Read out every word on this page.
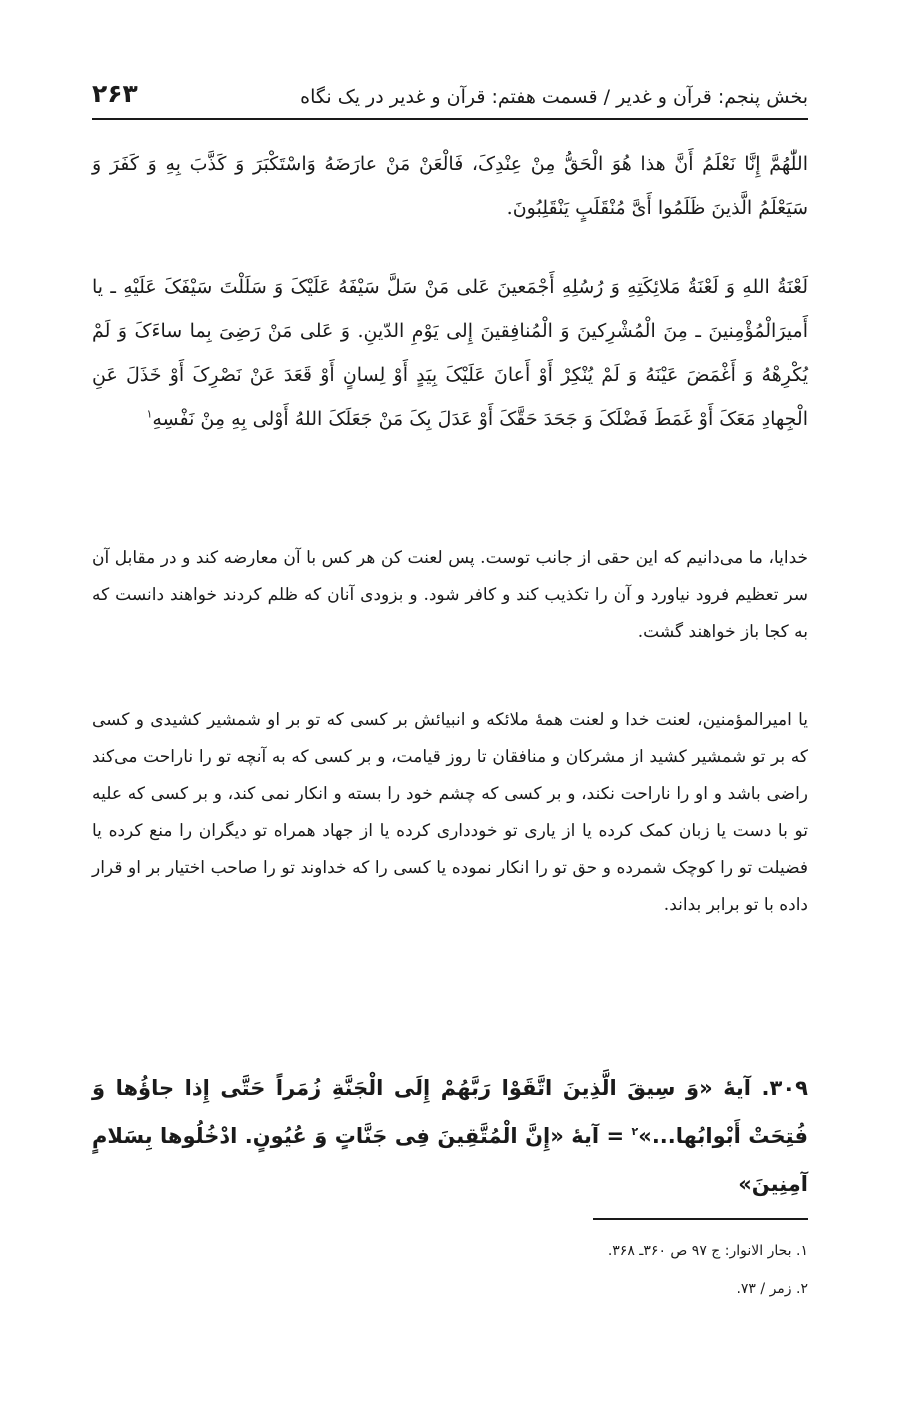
بخش پنجم: قرآن و غدیر / قسمت هفتم: قرآن و غدیر در یک نگاه
۲۶۳

اللّٰهُمَّ إِنَّا نَعْلَمُ أَنَّ هذا هُوَ الْحَقُّ مِنْ عِنْدِکَ، فَالْعَنْ مَنْ عارَضَهُ وَاسْتَکْبَرَ وَ کَذَّبَ بِهِ وَ کَفَرَ وَ سَیَعْلَمُ الَّذینَ ظَلَمُوا أَیَّ مُنْقَلَبٍ یَنْقَلِبُونَ.

لَعْنَةُ اللهِ وَ لَعْنَةُ مَلائِکَتِهِ وَ رُسُلِهِ أَجْمَعینَ عَلی مَنْ سَلَّ سَیْفَهُ عَلَیْکَ وَ سَلَلْتَ سَیْفَکَ عَلَیْهِ ـ یا أَمیرَالْمُؤْمِنینَ ـ مِنَ الْمُشْرِکینَ وَ الْمُنافِقینَ إِلی یَوْمِ الدّینِ. وَ عَلی مَنْ رَضِیَ بِما ساءَکَ وَ لَمْ یُکْرِهْهُ وَ أَغْمَضَ عَیْنَهُ وَ لَمْ یُنْکِرْ أَوْ أَعانَ عَلَیْکَ بِیَدٍ أَوْ لِسانٍ أَوْ قَعَدَ عَنْ نَصْرِکَ أَوْ خَذَلَ عَنِ الْجِهادِ مَعَکَ أَوْ غَمَطَ فَضْلَکَ وَ جَحَدَ حَقَّکَ أَوْ عَدَلَ بِکَ مَنْ جَعَلَکَ اللهُ أَوْلی بِهِ مِنْ نَفْسِهِ$^۱$

خدایا، ما می‌دانیم که این حقی از جانب توست. پس لعنت کن هر کس با آن معارضه کند و در مقابل آن سر تعظیم فرود نیاورد و آن را تکذیب کند و کافر شود. و بزودی آنان که ظلم کردند خواهند دانست که به کجا باز خواهند گشت.

یا امیرالمؤمنین، لعنت خدا و لعنت همهٔ ملائکه و انبیائش بر کسی که تو بر او شمشیر کشیدی و کسی که بر تو شمشیر کشید از مشرکان و منافقان تا روز قیامت، و بر کسی که به آنچه تو را ناراحت می‌کند راضی باشد و او را ناراحت نکند، و بر کسی که چشم خود را بسته و انکار نمی کند، و بر کسی که علیه تو با دست یا زبان کمک کرده یا از یاری تو خودداری کرده یا از جهاد همراه تو دیگران را منع کرده یا فضیلت تو را کوچک شمرده و حق تو را انکار نموده یا کسی را که خداوند تو را صاحب اختیار بر او قرار داده با تو برابر بداند.

۳۰۹. آیهٔ «وَ سِیقَ الَّذِینَ اتَّقَوْا رَبَّهُمْ إِلَی الْجَنَّةِ زُمَراً حَتَّی إِذا جاؤُها وَ فُتِحَتْ أَبْوابُها...»$^۲$ = آیهٔ «إِنَّ الْمُتَّقِینَ فِی جَنَّاتٍ وَ عُیُونٍ. ادْخُلُوها بِسَلامٍ آمِنِینَ»

۱. بحار الانوار: ج ۹۷ ص ۳۶۰ـ ۳۶۸.
۲. زمر / ۷۳.
